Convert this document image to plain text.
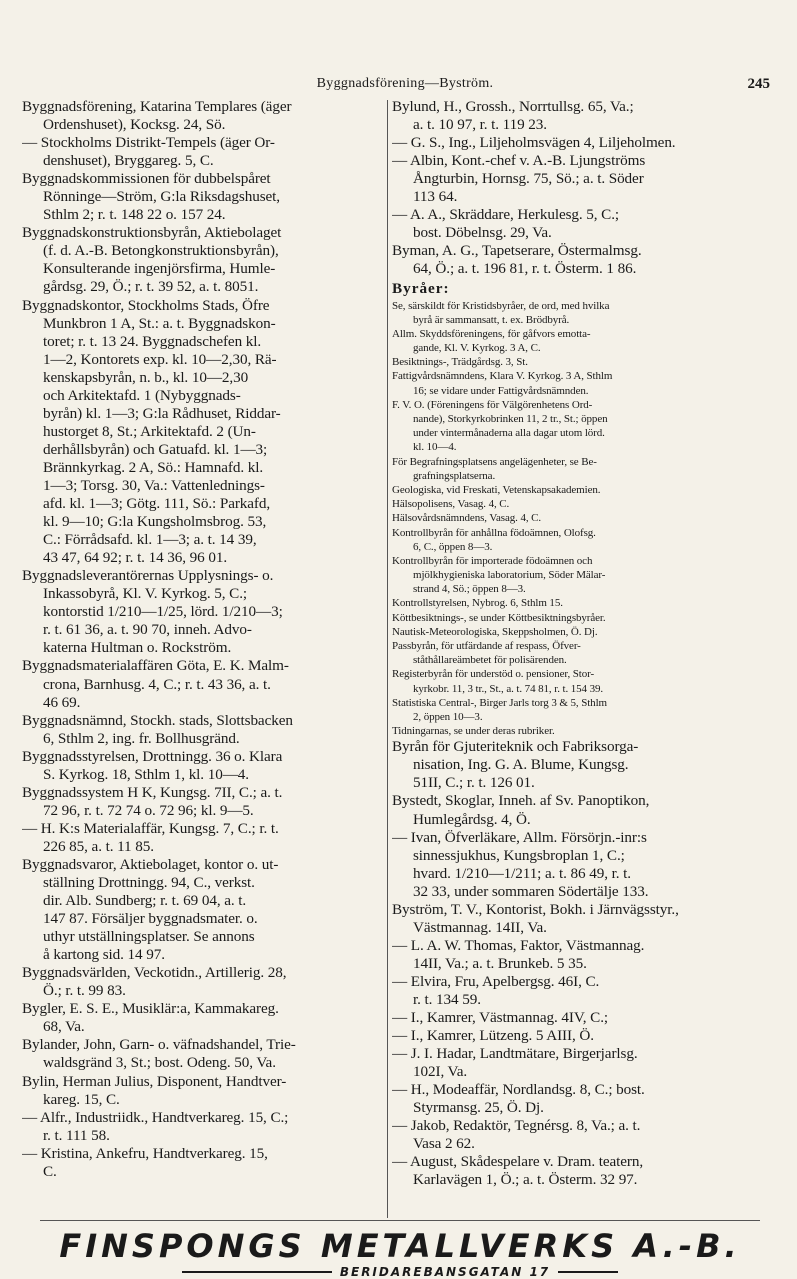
Byggnadsförening—Byström.	245
Byggnadsförening, Katarina Templares (äger
Ordenshuset), Kocksg. 24, Sö.
— Stockholms Distrikt-Tempels (äger Or-
denshuset), Bryggareg. 5, C.
Byggnadskommissionen för dubbelspåret
Rönninge—Ström, G:la Riksdagshuset,
Sthlm 2; r. t. 148 22 o. 157 24.
Byggnadskonstruktionsbyrån, Aktiebolaget
(f. d. A.-B. Betongkonstruktionsbyrån),
Konsulterande ingenjörsfirma, Humle-
gårdsg. 29, Ö.; r. t. 39 52, a. t. 8051.
Byggnadskontor, Stockholms Stads, Öfre
Munkbron 1 A, St.: a. t. Byggnadskon-
toret; r. t. 13 24. Byggnadschefen kl.
1—2, Kontorets exp. kl. 10—2,30, Rä-
kenskapsbyrån, n. b., kl. 10—2,30
och Arkitektafd. 1 (Nybyggnads-
byrån) kl. 1—3; G:la Rådhuset, Riddar-
hustorget 8, St.; Arkitektafd. 2 (Un-
derhållsbyrån) och Gatuafd. kl. 1—3;
Brännkyrkag. 2 A, Sö.: Hamnafd. kl.
1—3; Torsg. 30, Va.: Vattenlednings-
afd. kl. 1—3; Götg. 111, Sö.: Parkafd,
kl. 9—10; G:la Kungsholmsbrog. 53,
C.: Förrådsafd. kl. 1—3; a. t. 14 39,
43 47, 64 92; r. t. 14 36, 96 01.
Byggnadsleverantörernas Upplysnings- o.
Inkassobyrå, Kl. V. Kyrkog. 5, C.;
kontorstid 1/210—1/25, lörd. 1/210—3;
r. t. 61 36, a. t. 90 70, inneh. Advo-
katerna Hultman o. Rockström.
Byggnadsmaterialaffären Göta, E. K. Malm-
crona, Barnhusg. 4, C.; r. t. 43 36, a. t.
46 69.
Byggnadsnämnd, Stockh. stads, Slottsbacken
6, Sthlm 2, ing. fr. Bollhusgränd.
Byggnadsstyrelsen, Drottningg. 36 o. Klara
S. Kyrkog. 18, Sthlm 1, kl. 10—4.
Byggnadssystem H K, Kungsg. 7II, C.; a. t.
72 96, r. t. 72 74 o. 72 96; kl. 9—5.
— H. K:s Materialaffär, Kungsg. 7, C.; r. t.
226 85, a. t. 11 85.
Byggnadsvaror, Aktiebolaget, kontor o. ut-
ställning Drottningg. 94, C., verkst.
dir. Alb. Sundberg; r. t. 69 04, a. t.
147 87. Försäljer byggnadsmater. o.
uthyr utställningsplatser. Se annons
å kartong sid. 14 97.
Byggnadsvärlden, Veckotidn., Artillerig. 28,
Ö.; r. t. 99 83.
Bygler, E. S. E., Musiklär:a, Kammakareg.
68, Va.
Bylander, John, Garn- o. väfnadshandel, Trie-
waldsgränd 3, St.; bost. Odeng. 50, Va.
Bylin, Herman Julius, Disponent, Handtver-
kareg. 15, C.
— Alfr., Industriidk., Handtverkareg. 15, C.;
r. t. 111 58.
— Kristina, Ankefru, Handtverkareg. 15,
C.
Bylund, H., Grossh., Norrtullsg. 65, Va.;
a. t. 10 97, r. t. 119 23.
— G. S., Ing., Liljeholmsvägen 4, Liljeholmen.
— Albin, Kont.-chef v. A.-B. Ljungströms
Ångturbin, Hornsg. 75, Sö.; a. t. Söder
113 64.
— A. A., Skräddare, Herkulesg. 5, C.;
bost. Döbelnsg. 29, Va.
Byman, A. G., Tapetserare, Östermalmsg.
64, Ö.; a. t. 196 81, r. t. Österm. 1 86.
Byråer:
Se, särskildt för Kristidsbyråer, de ord, med hvilka
byrå är sammansatt, t. ex. Brödbyrå.
Allm. Skyddsföreningens, för gåfvors emotta-
gande, Kl. V. Kyrkog. 3 A, C.
Besiktnings-, Trädgårdsg. 3, St.
Fattigvårdsnämndens, Klara V. Kyrkog. 3 A, Sthlm
16; se vidare under Fattigvårdsnämnden.
F. V. O. (Föreningens för Välgörenhetens Ord-
nande), Storkyrkobrinken 11, 2 tr., St.; öppen
under vintermånaderna alla dagar utom lörd.
kl. 10—4.
För Begrafningsplatsens angelägenheter, se Be-
grafningsplatserna.
Geologiska, vid Freskati, Vetenskapsakademien.
Hälsopolisens, Vasag. 4, C.
Hälsovårdsnämndens, Vasag. 4, C.
Kontrollbyrån för anhållna födoämnen, Olofsg.
6, C., öppen 8—3.
Kontrollbyrån för importerade födoämnen och
mjölkhygieniska laboratorium, Söder Mälar-
strand 4, Sö.; öppen 8—3.
Kontrollstyrelsen, Nybrog. 6, Sthlm 15.
Köttbesiktnings-, se under Köttbesiktningsbyråer.
Nautisk-Meteorologiska, Skeppsholmen, Ö. Dj.
Passbyrån, för utfärdande af respass, Öfver-
ståthållareämbetet för polisärenden.
Registerbyrån för understöd o. pensioner, Stor-
kyrkobr. 11, 3 tr., St., a. t. 74 81, r. t. 154 39.
Statistiska Central-, Birger Jarls torg 3 & 5, Sthlm
2, öppen 10—3.
Tidningarnas, se under deras rubriker.
Byrån för Gjuteriteknik och Fabriksorga-
nisation, Ing. G. A. Blume, Kungsg.
51II, C.; r. t. 126 01.
Bystedt, Skoglar, Inneh. af Sv. Panoptikon,
Humlegårdsg. 4, Ö.
— Ivan, Öfverläkare, Allm. Försörjn.-inr:s
sinnessjukhus, Kungsbroplan 1, C.;
hvard. 1/210—1/211; a. t. 86 49, r. t.
32 33, under sommaren Södertälje 133.
Byström, T. V., Kontorist, Bokh. i Järnvägsstyr.,
Västmannag. 14II, Va.
— L. A. W. Thomas, Faktor, Västmannag.
14II, Va.; a. t. Brunkeb. 5 35.
— Elvira, Fru, Apelbergsg. 46I, C.
r. t. 134 59.
— I., Kamrer, Västmannag. 4IV, C.;
— I., Kamrer, Lützeng. 5 AIII, Ö.
— J. I. Hadar, Landtmätare, Birgerjarlsg.
102I, Va.
— H., Modeaffär, Nordlandsg. 8, C.; bost.
Styrmansg. 25, Ö. Dj.
— Jakob, Redaktör, Tegnérsg. 8, Va.; a. t.
Vasa 2 62.
— August, Skådespelare v. Dram. teatern,
Karlavägen 1, Ö.; a. t. Österm. 32 97.
FINSPONGS METALLVERKS A.-B.
BERIDAREBANSGATAN 17
